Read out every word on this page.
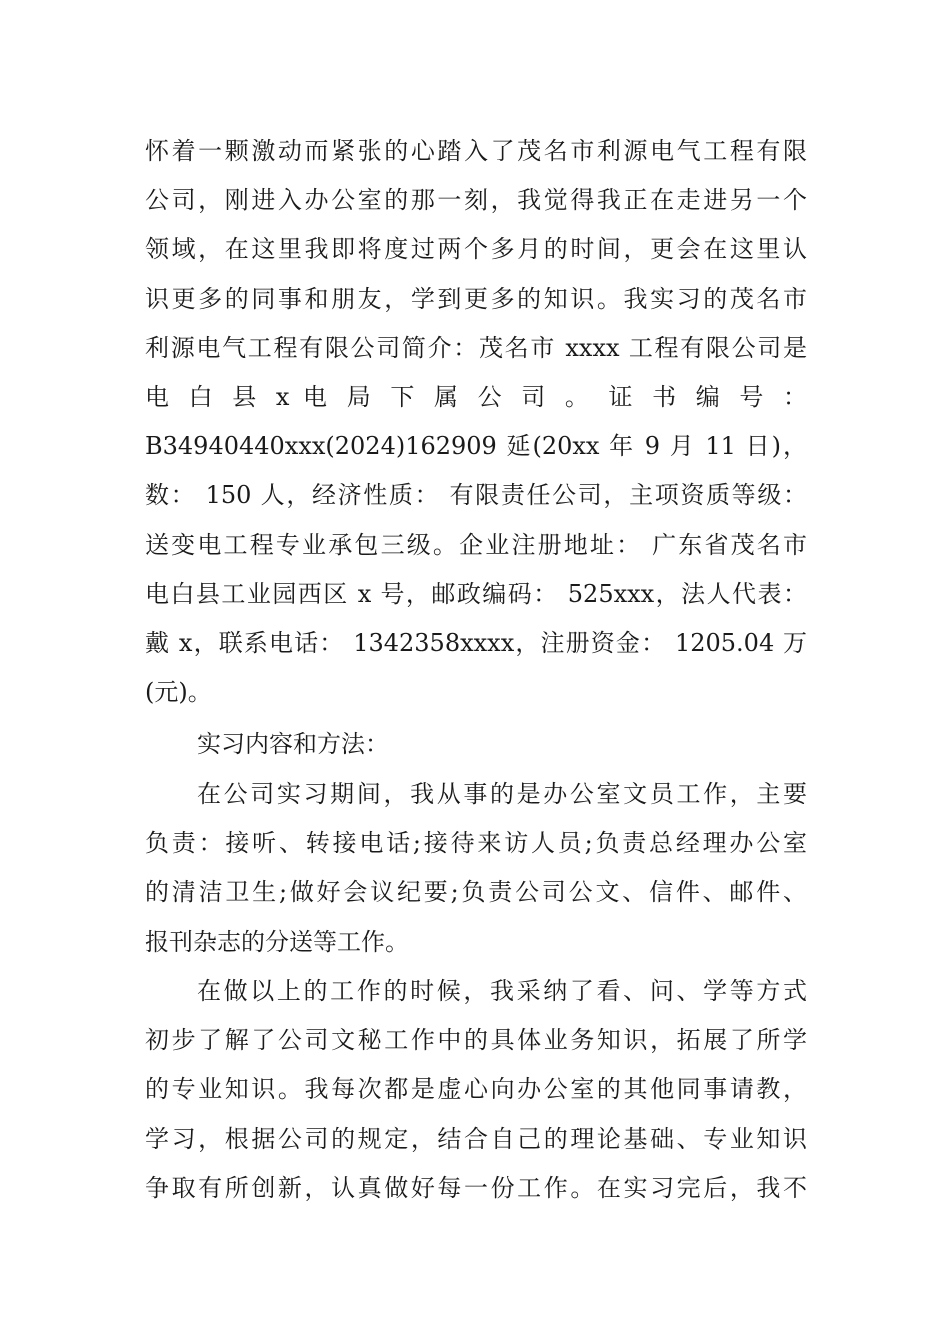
怀着一颗激动而紧张的心踏入了茂名市利源电气工程有限
公司，刚进入办公室的那一刻，我觉得我正在走进另一个
领域，在这里我即将度过两个多月的时间，更会在这里认
识更多的同事和朋友，学到更多的知识。我实习的茂名市
利源电气工程有限公司简介：茂名市 xxxx 工程有限公司是
电 白 县 x 电 局 下 属 公 司 。 证 书 编 号 ：
B34940440xxx(2024)162909 延(20xx 年 9 月 11 日)，
数： 150 人，经济性质： 有限责任公司，主项资质等级：
送变电工程专业承包三级。企业注册地址： 广东省茂名市
电白县工业园西区 x 号，邮政编码： 525xxx，法人代表：
戴 x，联系电话： 1342358xxxx，注册资金： 1205.04 万
(元)。
实习内容和方法：
在公司实习期间，我从事的是办公室文员工作，主要
负责：接听、转接电话;接待来访人员;负责总经理办公室
的清洁卫生;做好会议纪要;负责公司公文、信件、邮件、
报刊杂志的分送等工作。
在做以上的工作的时候，我采纳了看、问、学等方式
初步了解了公司文秘工作中的具体业务知识，拓展了所学
的专业知识。我每次都是虚心向办公室的其他同事请教，
学习，根据公司的规定，结合自己的理论基础、专业知识
争取有所创新，认真做好每一份工作。在实习完后，我不
